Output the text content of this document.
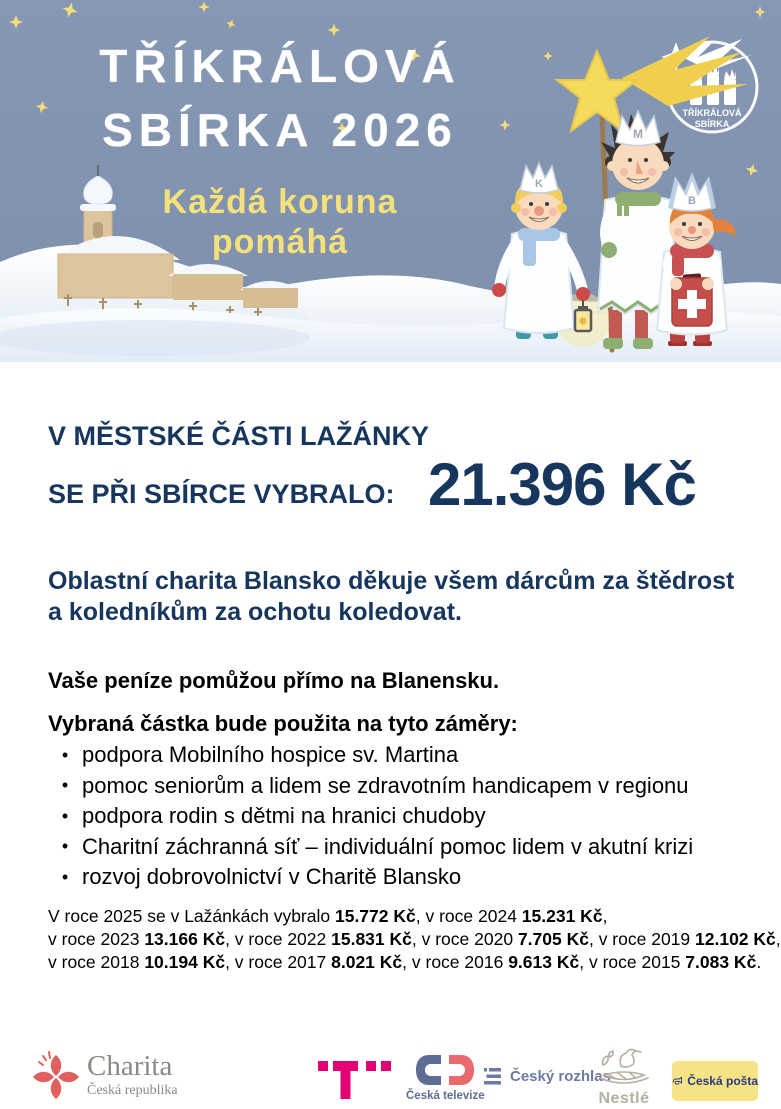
TŘÍKRÁLOVÁ
SBÍRKA
K
M
B
TŘÍKRÁLOVÁ
SBÍRKA 2026
Každá koruna
pomáhá
V MĚSTSKÉ ČÁSTI LAŽÁNKY
SE PŘI SBÍRCE VYBRALO: 21.396 Kč
Oblastní charita Blansko děkuje všem dárcům za štědrost
a koledníkům za ochotu koledovat.
Vaše peníze pomůžou přímo na Blanensku.
Vybraná částka bude použita na tyto záměry:
• podpora Mobilního hospice sv. Martina
• pomoc seniorům a lidem se zdravotním handicapem v regionu
• podpora rodin s dětmi na hranici chudoby
• Charitní záchranná síť – individuální pomoc lidem v akutní krizi
• rozvoj dobrovolnictví v Charitě Blansko
V roce 2025 se v Lažánkách vybralo 15.772 Kč, v roce 2024 15.231 Kč,
v roce 2023 13.166 Kč, v roce 2022 15.831 Kč, v roce 2020 7.705 Kč, v roce 2019 12.102 Kč,
v roce 2018 10.194 Kč, v roce 2017 8.021 Kč, v roce 2016 9.613 Kč, v roce 2015 7.083 Kč.
Charita
Česká republika	Česká televize
Český rozhlas
Nestlé
Česká pošta
